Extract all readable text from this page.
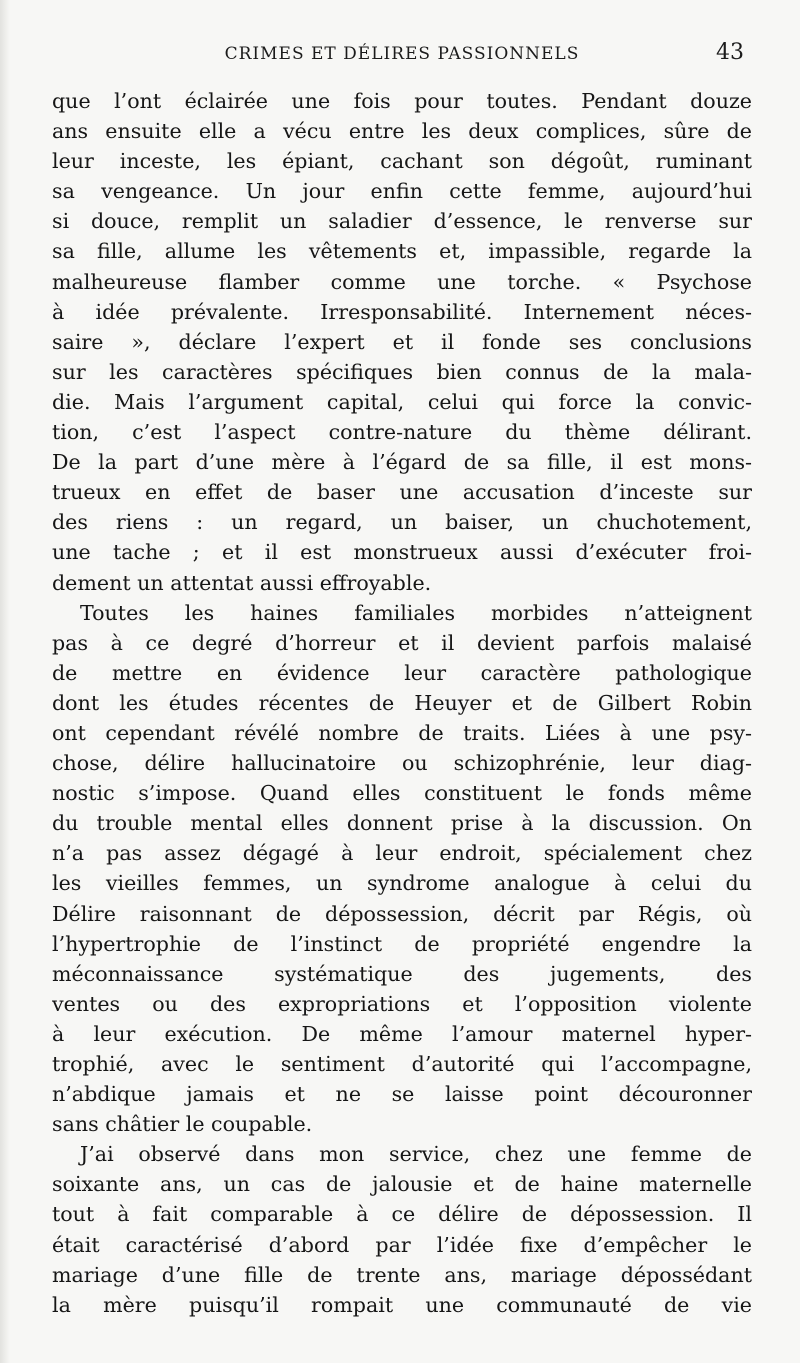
CRIMES ET DÉLIRES PASSIONNELS	43
que l’ont éclairée une fois pour toutes. Pendant douze
ans ensuite elle a vécu entre les deux complices, sûre de
leur inceste, les épiant, cachant son dégoût, ruminant
sa vengeance. Un jour enfin cette femme, aujourd’hui
si douce, remplit un saladier d’essence, le renverse sur
sa fille, allume les vêtements et, impassible, regarde la
malheureuse flamber comme une torche. « Psychose
à idée prévalente. Irresponsabilité. Internement néces-
saire », déclare l’expert et il fonde ses conclusions
sur les caractères spécifiques bien connus de la mala-
die. Mais l’argument capital, celui qui force la convic-
tion, c’est l’aspect contre-nature du thème délirant.
De la part d’une mère à l’égard de sa fille, il est mons-
trueux en effet de baser une accusation d’inceste sur
des riens : un regard, un baiser, un chuchotement,
une tache ; et il est monstrueux aussi d’exécuter froi-
dement un attentat aussi effroyable.
Toutes les haines familiales morbides n’atteignent
pas à ce degré d’horreur et il devient parfois malaisé
de mettre en évidence leur caractère pathologique
dont les études récentes de Heuyer et de Gilbert Robin
ont cependant révélé nombre de traits. Liées à une psy-
chose, délire hallucinatoire ou schizophrénie, leur diag-
nostic s’impose. Quand elles constituent le fonds même
du trouble mental elles donnent prise à la discussion. On
n’a pas assez dégagé à leur endroit, spécialement chez
les vieilles femmes, un syndrome analogue à celui du
Délire raisonnant de dépossession, décrit par Régis, où
l’hypertrophie de l’instinct de propriété engendre la
méconnaissance systématique des jugements, des
ventes ou des expropriations et l’opposition violente
à leur exécution. De même l’amour maternel hyper-
trophié, avec le sentiment d’autorité qui l’accompagne,
n’abdique jamais et ne se laisse point découronner
sans châtier le coupable.
J’ai observé dans mon service, chez une femme de
soixante ans, un cas de jalousie et de haine maternelle
tout à fait comparable à ce délire de dépossession. Il
était caractérisé d’abord par l’idée fixe d’empêcher le
mariage d’une fille de trente ans, mariage dépossédant
la mère puisqu’il rompait une communauté de vie
